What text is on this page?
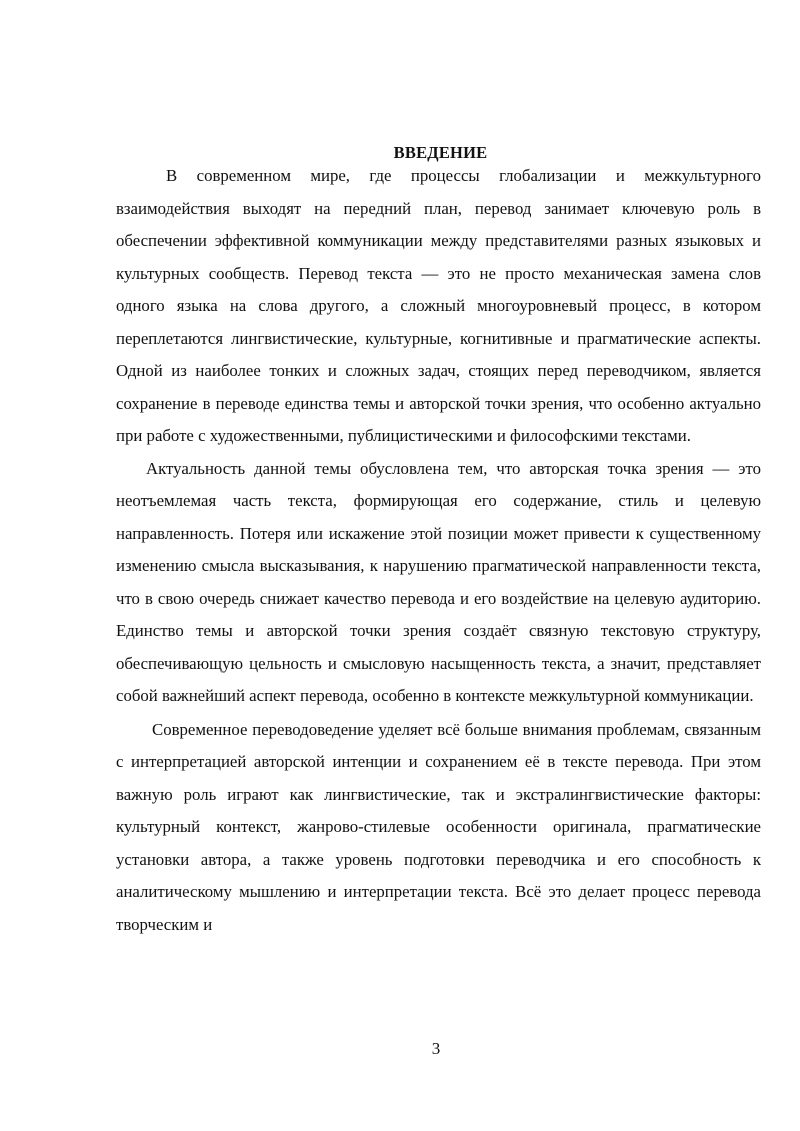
ВВЕДЕНИЕ

В современном мире, где процессы глобализации и межкультурного взаимодействия выходят на передний план, перевод занимает ключевую роль в обеспечении эффективной коммуникации между представителями разных языковых и культурных сообществ. Перевод текста — это не просто механическая замена слов одного языка на слова другого, а сложный многоуровневый процесс, в котором переплетаются лингвистические, культурные, когнитивные и прагматические аспекты. Одной из наиболее тонких и сложных задач, стоящих перед переводчиком, является сохранение в переводе единства темы и авторской точки зрения, что особенно актуально при работе с художественными, публицистическими и философскими текстами.

Актуальность данной темы обусловлена тем, что авторская точка зрения — это неотъемлемая часть текста, формирующая его содержание, стиль и целевую направленность. Потеря или искажение этой позиции может привести к существенному изменению смысла высказывания, к нарушению прагматической направленности текста, что в свою очередь снижает качество перевода и его воздействие на целевую аудиторию. Единство темы и авторской точки зрения создаёт связную текстовую структуру, обеспечивающую цельность и смысловую насыщенность текста, а значит, представляет собой важнейший аспект перевода, особенно в контексте межкультурной коммуникации.

Современное переводоведение уделяет всё больше внимания проблемам, связанным с интерпретацией авторской интенции и сохранением её в тексте перевода. При этом важную роль играют как лингвистические, так и экстралингвистические факторы: культурный контекст, жанрово-стилевые особенности оригинала, прагматические установки автора, а также уровень подготовки переводчика и его способность к аналитическому мышлению и интерпретации текста. Всё это делает процесс перевода творческим и

3
